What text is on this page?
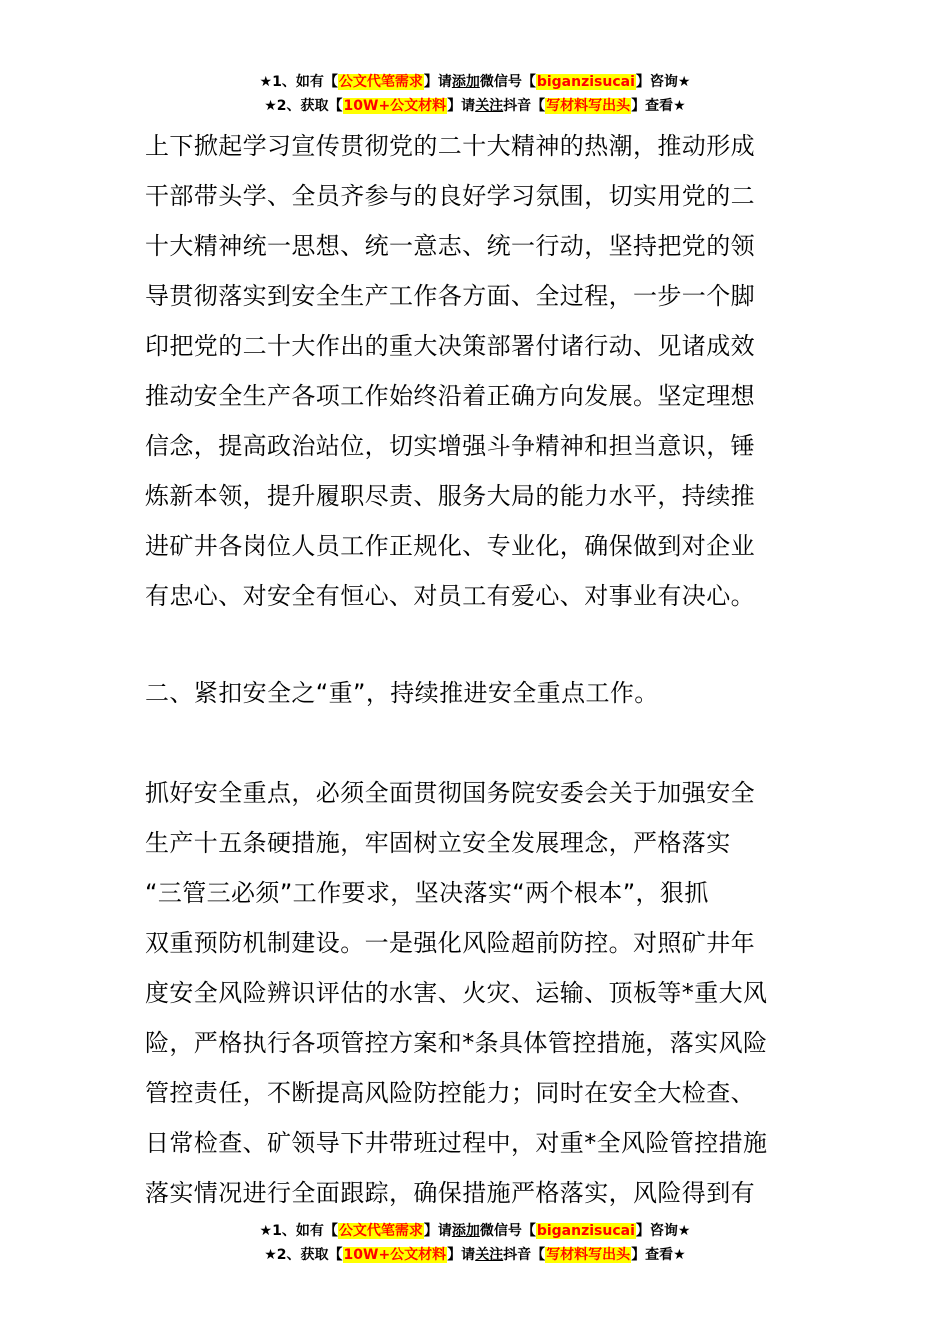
★1、如有【公文代笔需求】请添加微信号【biganzisucai】咨询★
★2、获取【10W+公文材料】请关注抖音【写材料写出头】查看★
上下掀起学习宣传贯彻党的二十大精神的热潮，推动形成
干部带头学、全员齐参与的良好学习氛围，切实用党的二
十大精神统一思想、统一意志、统一行动，坚持把党的领
导贯彻落实到安全生产工作各方面、全过程，一步一个脚
印把党的二十大作出的重大决策部署付诸行动、见诸成效
推动安全生产各项工作始终沿着正确方向发展。坚定理想
信念，提高政治站位，切实增强斗争精神和担当意识，锤
炼新本领，提升履职尽责、服务大局的能力水平，持续推
进矿井各岗位人员工作正规化、专业化，确保做到对企业
有忠心、对安全有恒心、对员工有爱心、对事业有决心。
二、紧扣安全之“重”，持续推进安全重点工作。
抓好安全重点，必须全面贯彻国务院安委会关于加强安全
生产十五条硬措施，牢固树立安全发展理念，严格落实
“三管三必须”工作要求，坚决落实“两个根本”，狠抓
双重预防机制建设。一是强化风险超前防控。对照矿井年
度安全风险辨识评估的水害、火灾、运输、顶板等*重大风
险，严格执行各项管控方案和*条具体管控措施，落实风险
管控责任，不断提高风险防控能力；同时在安全大检查、
日常检查、矿领导下井带班过程中，对重*全风险管控措施
落实情况进行全面跟踪，确保措施严格落实，风险得到有
★1、如有【公文代笔需求】请添加微信号【biganzisucai】咨询★
★2、获取【10W+公文材料】请关注抖音【写材料写出头】查看★
